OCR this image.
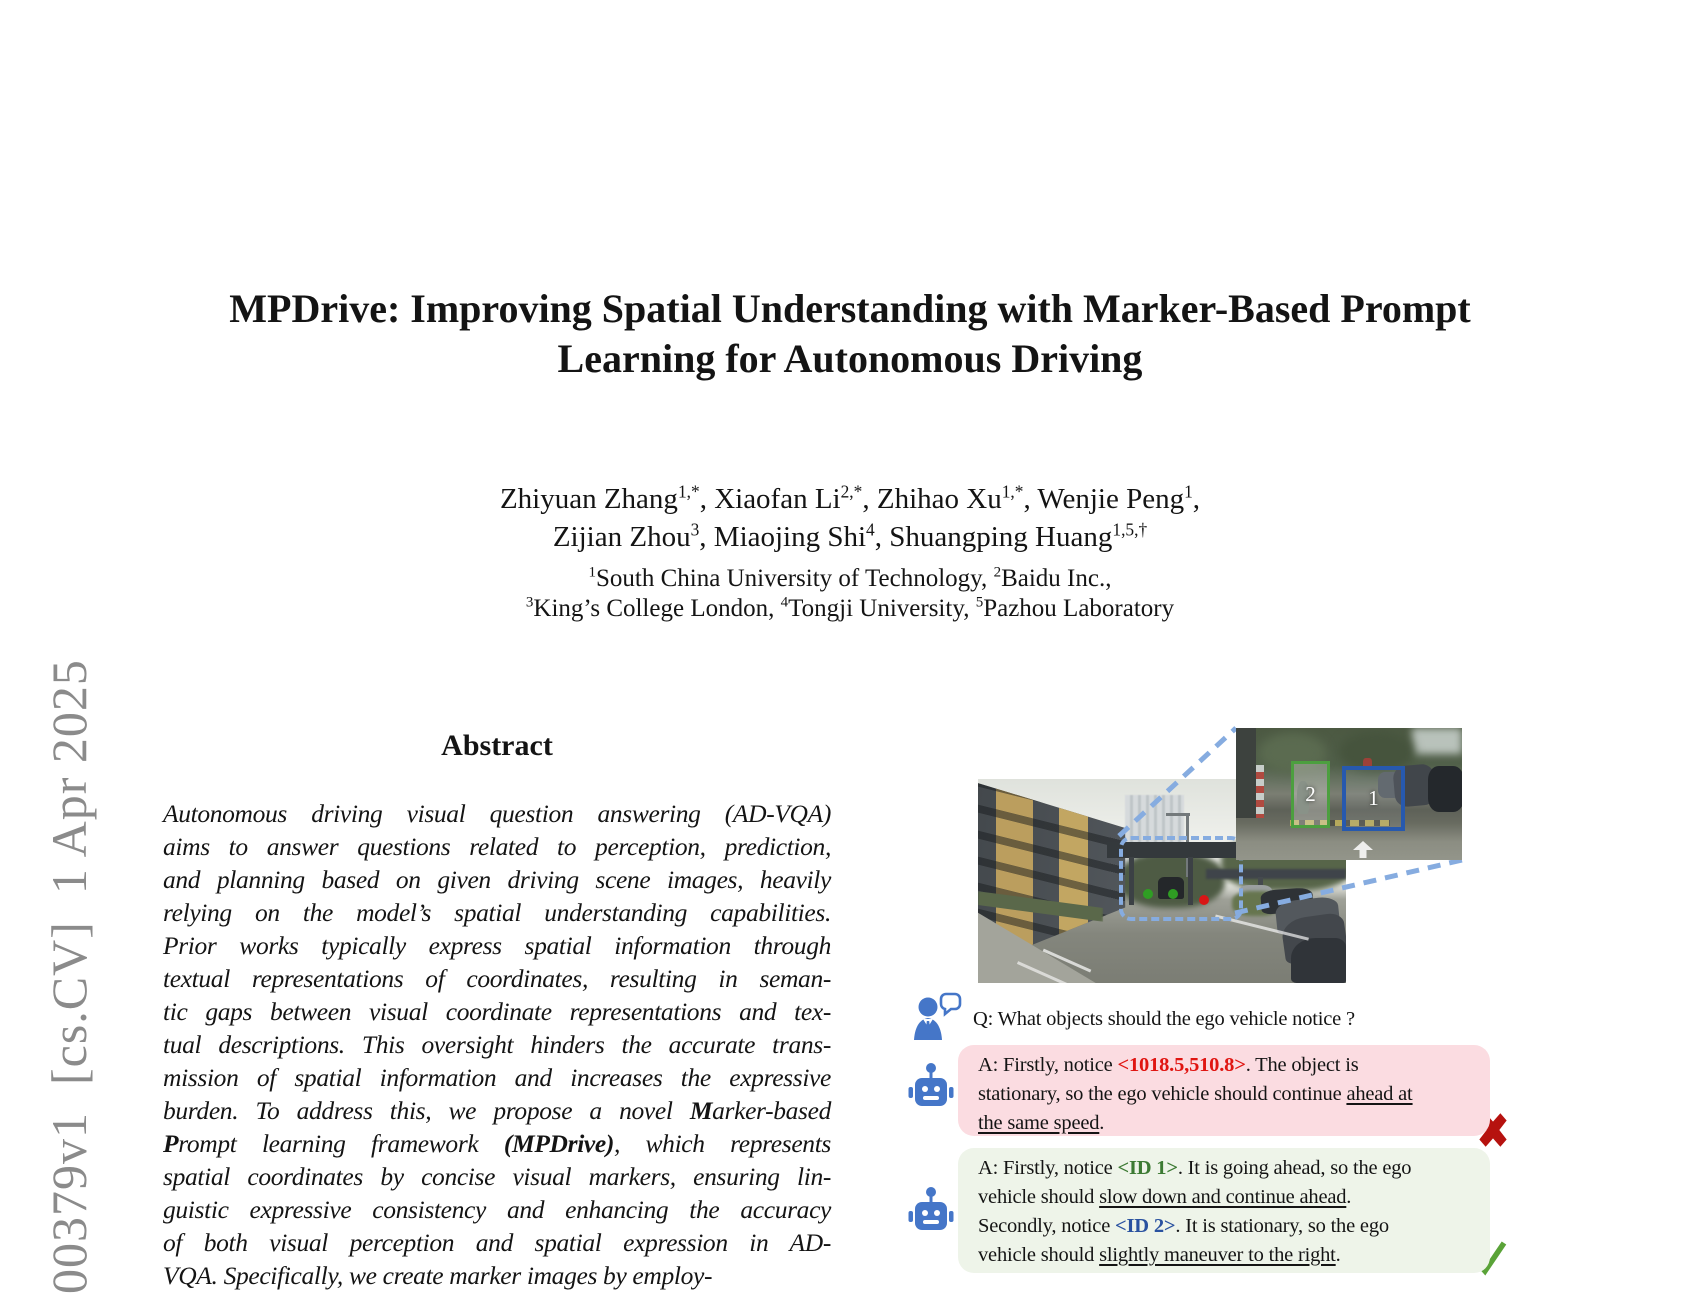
00379v1  [cs.CV]  1 Apr 2025
MPDrive: Improving Spatial Understanding with Marker-Based Prompt
Learning for Autonomous Driving
Zhiyuan Zhang$^{1,*}$, Xiaofan $Li^{2,*}$, Zhihao $Xu^{1,*}$, Wenjie Peng$^1$,
Zijian Zhou$^3$, Miaojing Shi$^4$, Shuangping Huang$^{1,5,\dagger}$
$^1$South China University of Technology, $^2$Baidu Inc.,
$^3$King’s College London, $^4$Tongji University, $^5$Pazhou Laboratory
Abstract
Autonomous driving visual question answering (AD-VQA)
aims to answer questions related to perception, prediction,
and planning based on given driving scene images, heavily
relying on the model’s spatial understanding capabilities.
Prior works typically express spatial information through
textual representations of coordinates, resulting in seman-
tic gaps between visual coordinate representations and tex-
tual descriptions. This oversight hinders the accurate trans-
mission of spatial information and increases the expressive
burden. To address this, we propose a novel Marker-based
Prompt learning framework (MPDrive), which represents
spatial coordinates by concise visual markers, ensuring lin-
guistic expressive consistency and enhancing the accuracy
of both visual perception and spatial expression in AD-
VQA. Specifically, we create marker images by employ-
2	1
Q: What objects should the ego vehicle notice ?
A: Firstly, notice <1018.5,510.8>. The object is
stationary, so the ego vehicle should continue ahead at
the same speed.
A: Firstly, notice <ID 1>. It is going ahead, so the ego
vehicle should slow down and continue ahead.
Secondly, notice <ID 2>. It is stationary, so the ego
vehicle should slightly maneuver to the right.
